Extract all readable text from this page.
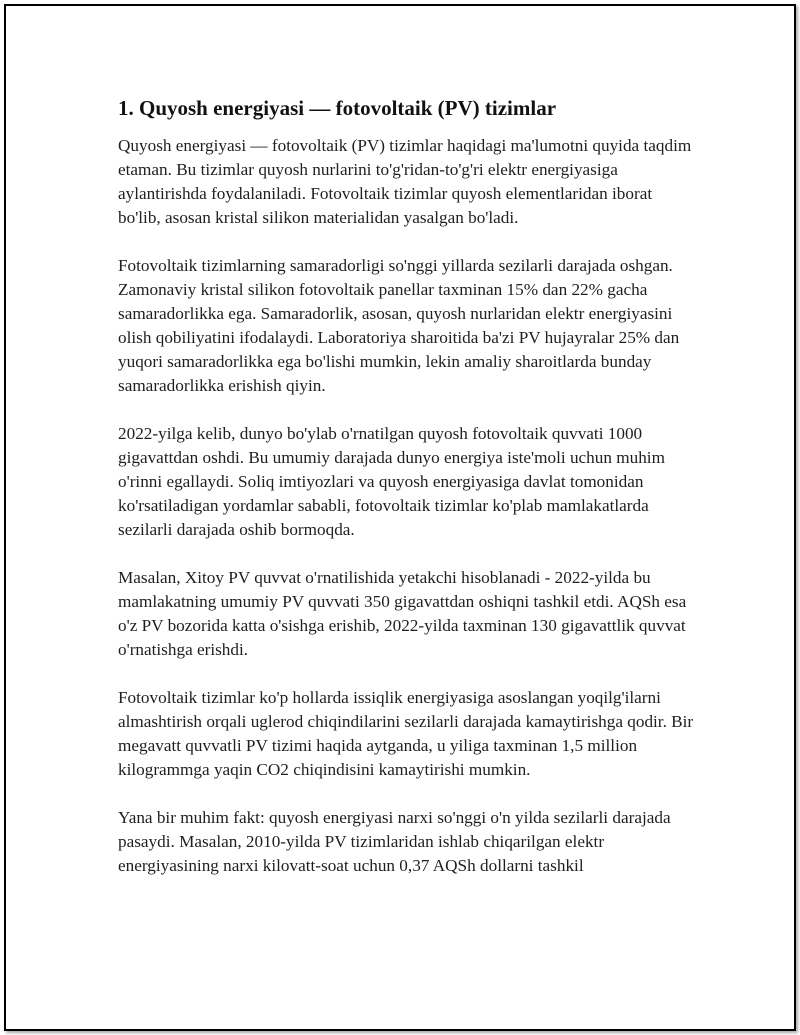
1. Quyosh energiyasi — fotovoltaik (PV) tizimlar

Quyosh energiyasi — fotovoltaik (PV) tizimlar haqidagi ma'lumotni quyida taqdim etaman. Bu tizimlar quyosh nurlarini to'g'ridan-to'g'ri elektr energiyasiga aylantirishda foydalaniladi. Fotovoltaik tizimlar quyosh elementlaridan iborat bo'lib, asosan kristal silikon materialidan yasalgan bo'ladi.

Fotovoltaik tizimlarning samaradorligi so'nggi yillarda sezilarli darajada oshgan. Zamonaviy kristal silikon fotovoltaik panellar taxminan 15% dan 22% gacha samaradorlikka ega. Samaradorlik, asosan, quyosh nurlaridan elektr energiyasini olish qobiliyatini ifodalaydi. Laboratoriya sharoitida ba'zi PV hujayralar 25% dan yuqori samaradorlikka ega bo'lishi mumkin, lekin amaliy sharoitlarda bunday samaradorlikka erishish qiyin.

2022-yilga kelib, dunyo bo'ylab o'rnatilgan quyosh fotovoltaik quvvati 1000 gigavattdan oshdi. Bu umumiy darajada dunyo energiya iste'moli uchun muhim o'rinni egallaydi. Soliq imtiyozlari va quyosh energiyasiga davlat tomonidan ko'rsatiladigan yordamlar sababli, fotovoltaik tizimlar ko'plab mamlakatlarda sezilarli darajada oshib bormoqda.

Masalan, Xitoy PV quvvat o'rnatilishida yetakchi hisoblanadi - 2022-yilda bu mamlakatning umumiy PV quvvati 350 gigavattdan oshiqni tashkil etdi. AQSh esa o'z PV bozorida katta o'sishga erishib, 2022-yilda taxminan 130 gigavattlik quvvat o'rnatishga erishdi.

Fotovoltaik tizimlar ko'p hollarda issiqlik energiyasiga asoslangan yoqilg'ilarni almashtirish orqali uglerod chiqindilarini sezilarli darajada kamaytirishga qodir. Bir megavatt quvvatli PV tizimi haqida aytganda, u yiliga taxminan 1,5 million kilogrammga yaqin CO2 chiqindisini kamaytirishi mumkin.

Yana bir muhim fakt: quyosh energiyasi narxi so'nggi o'n yilda sezilarli darajada pasaydi. Masalan, 2010-yilda PV tizimlaridan ishlab chiqarilgan elektr energiyasining narxi kilovatt-soat uchun 0,37 AQSh dollarni tashkil
